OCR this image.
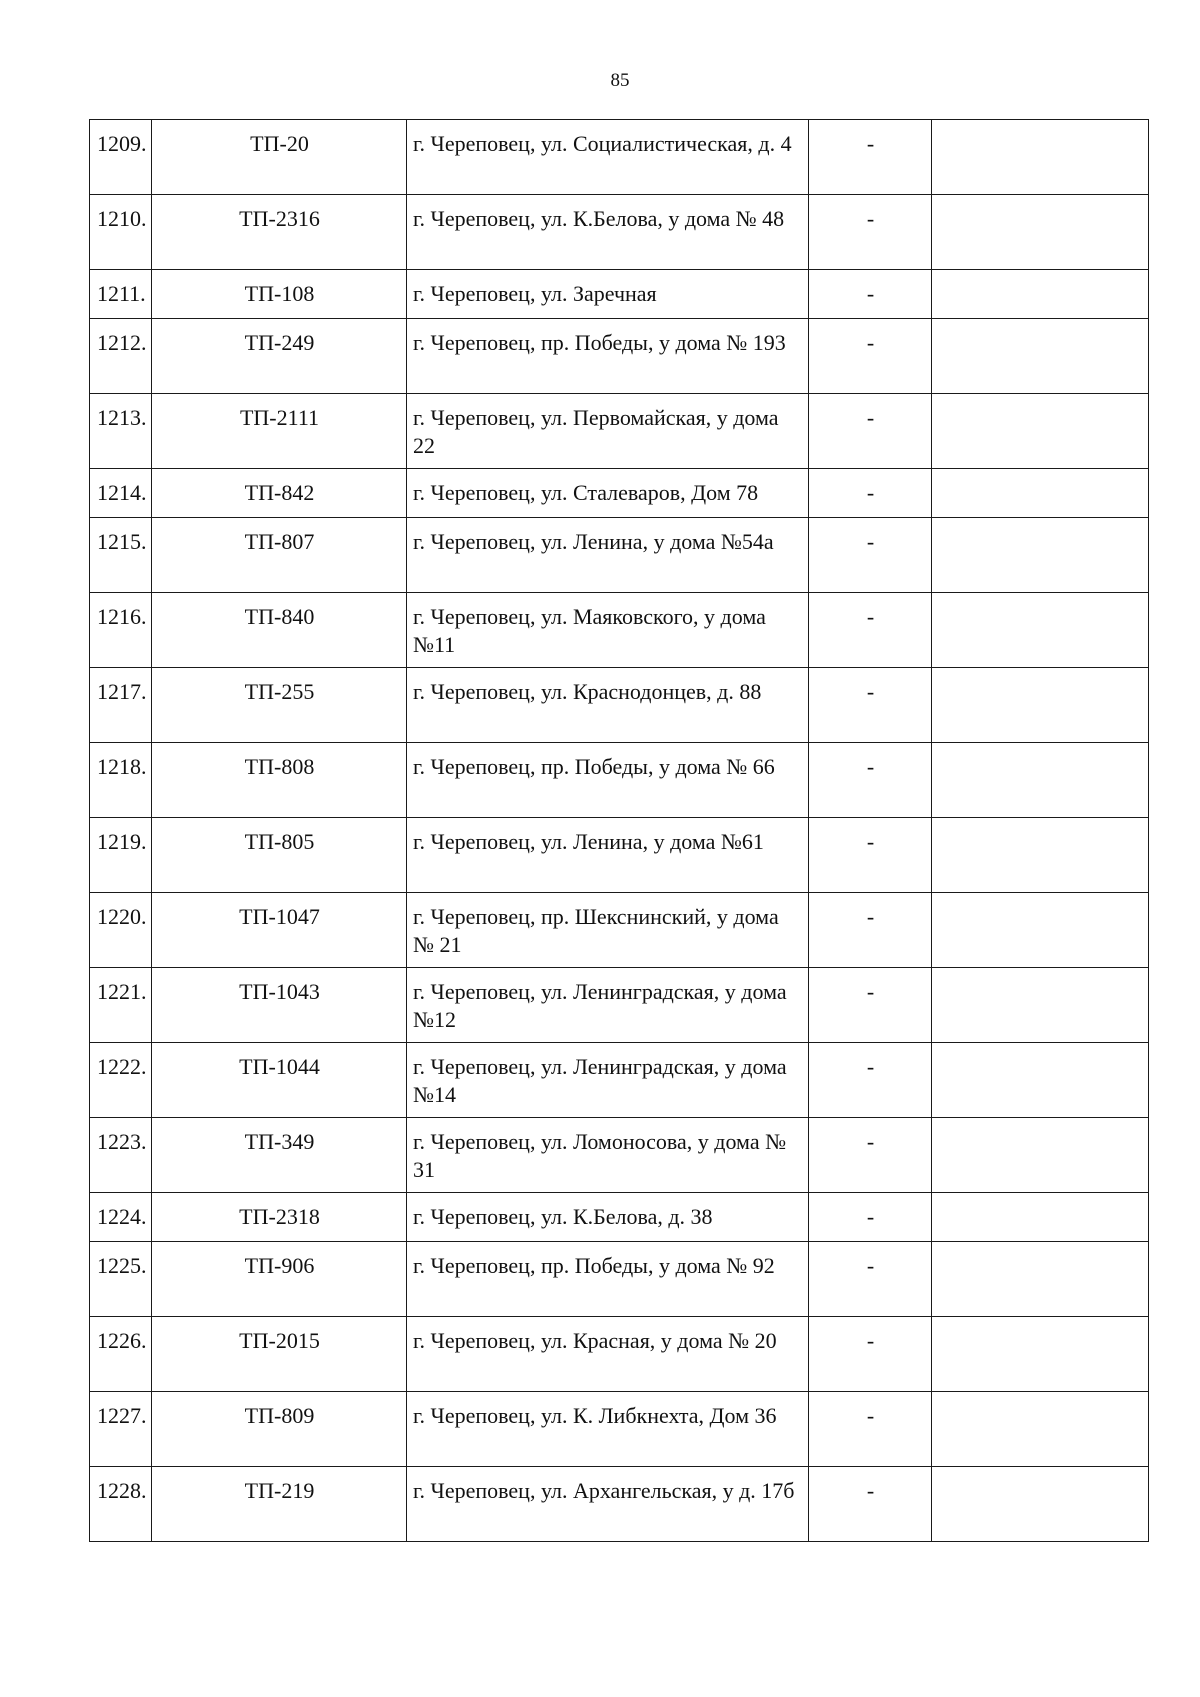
85
1209.	ТП-20	г. Череповец, ул. Социалистическая, д. 4	-	
1210.	ТП-2316	г. Череповец, ул. К.Белова, у дома № 48	-	
1211.	ТП-108	г. Череповец, ул. Заречная	-	
1212.	ТП-249	г. Череповец, пр. Победы, у дома № 193	-	
1213.	ТП-2111	г. Череповец, ул. Первомайская, у дома 22	-	
1214.	ТП-842	г. Череповец, ул. Сталеваров, Дом 78	-	
1215.	ТП-807	г. Череповец, ул. Ленина, у дома №54а	-	
1216.	ТП-840	г. Череповец, ул. Маяковского, у дома №11	-	
1217.	ТП-255	г. Череповец, ул. Краснодонцев, д. 88	-	
1218.	ТП-808	г. Череповец, пр. Победы, у дома № 66	-	
1219.	ТП-805	г. Череповец, ул. Ленина, у дома №61	-	
1220.	ТП-1047	г. Череповец, пр. Шекснинский, у дома № 21	-	
1221.	ТП-1043	г. Череповец, ул. Ленинградская, у дома №12	-	
1222.	ТП-1044	г. Череповец, ул. Ленинградская, у дома №14	-	
1223.	ТП-349	г. Череповец, ул. Ломоносова, у дома № 31	-	
1224.	ТП-2318	г. Череповец, ул. К.Белова, д. 38	-	
1225.	ТП-906	г. Череповец, пр. Победы, у дома № 92	-	
1226.	ТП-2015	г. Череповец, ул. Красная, у дома № 20	-	
1227.	ТП-809	г. Череповец, ул. К. Либкнехта, Дом 36	-	
1228.	ТП-219	г. Череповец, ул. Архангельская, у д. 17б	-	
